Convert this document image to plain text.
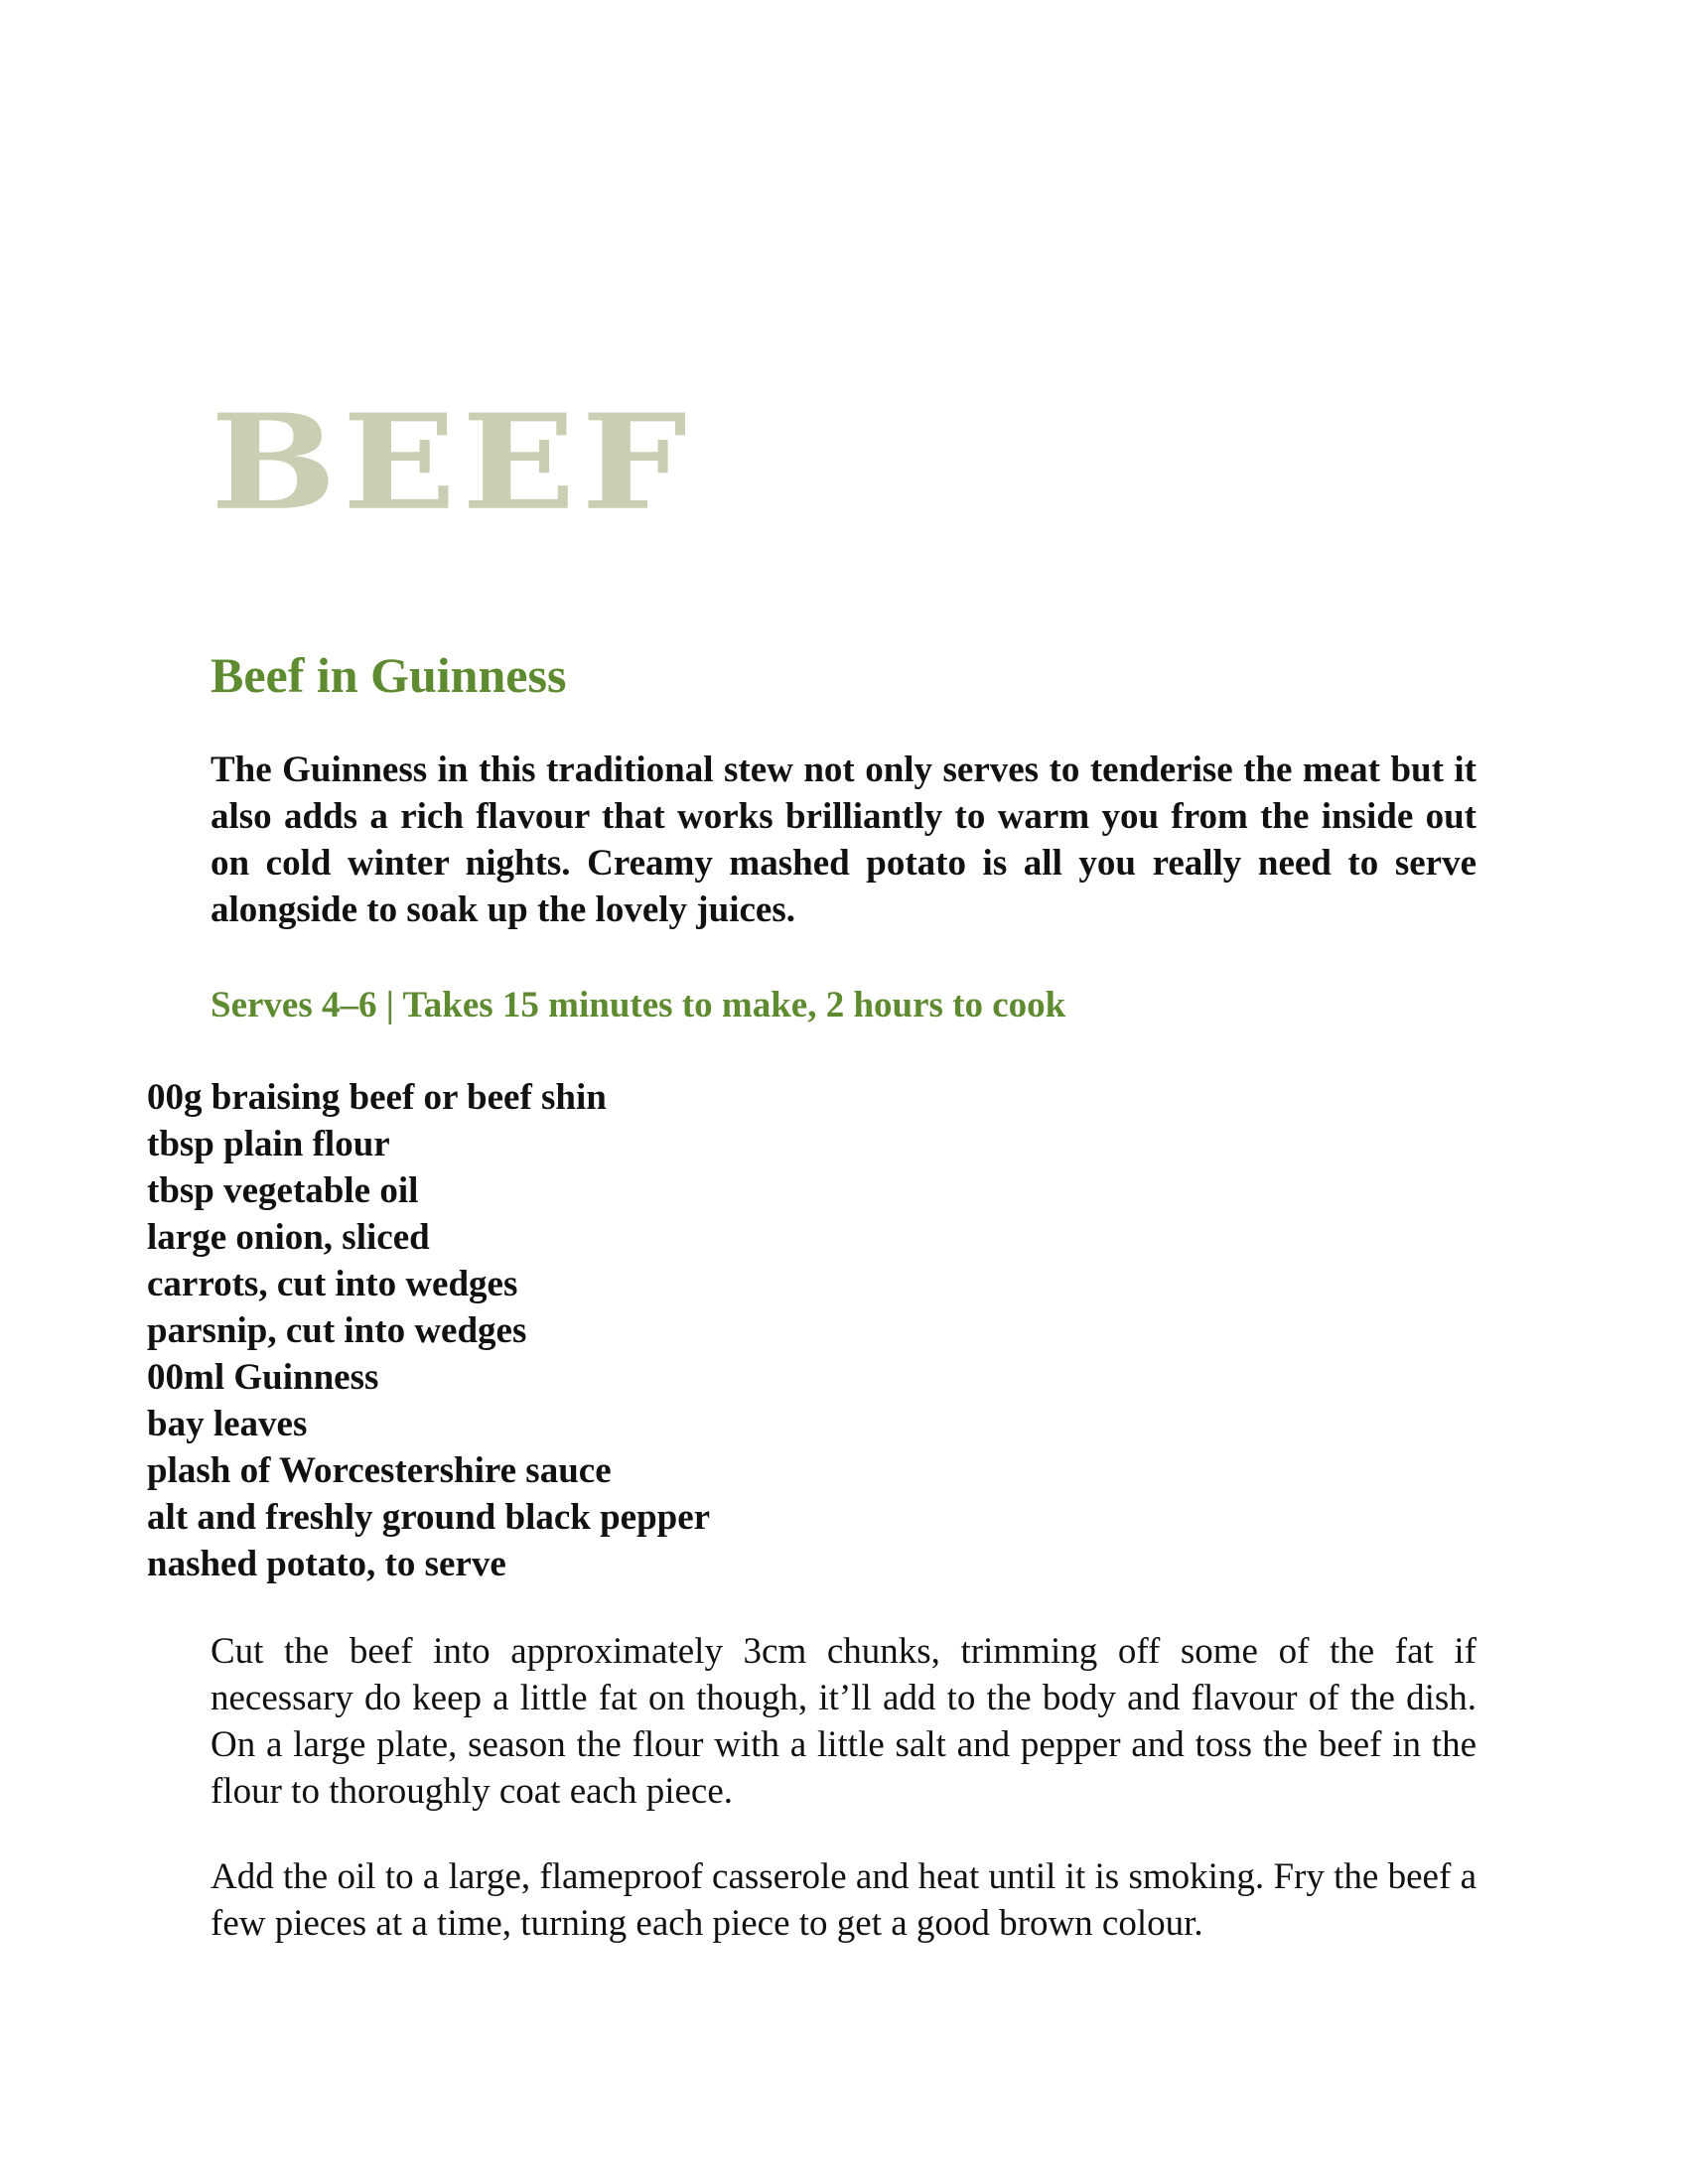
BEEF
Beef in Guinness

The Guinness in this traditional stew not only serves to tenderise the meat but it also adds a rich flavour that works brilliantly to warm you from the inside out on cold winter nights. Creamy mashed potato is all you really need to serve alongside to soak up the lovely juices.

Serves 4–6 | Takes 15 minutes to make, 2 hours to cook

00g braising beef or beef shin
tbsp plain flour
tbsp vegetable oil
large onion, sliced
carrots, cut into wedges
parsnip, cut into wedges
00ml Guinness
bay leaves
plash of Worcestershire sauce
alt and freshly ground black pepper
nashed potato, to serve

Cut the beef into approximately 3cm chunks, trimming off some of the fat if necessary do keep a little fat on though, it’ll add to the body and flavour of the dish. On a large plate, season the flour with a little salt and pepper and toss the beef in the flour to thoroughly coat each piece.

Add the oil to a large, flameproof casserole and heat until it is smoking. Fry the beef a few pieces at a time, turning each piece to get a good brown colour.
